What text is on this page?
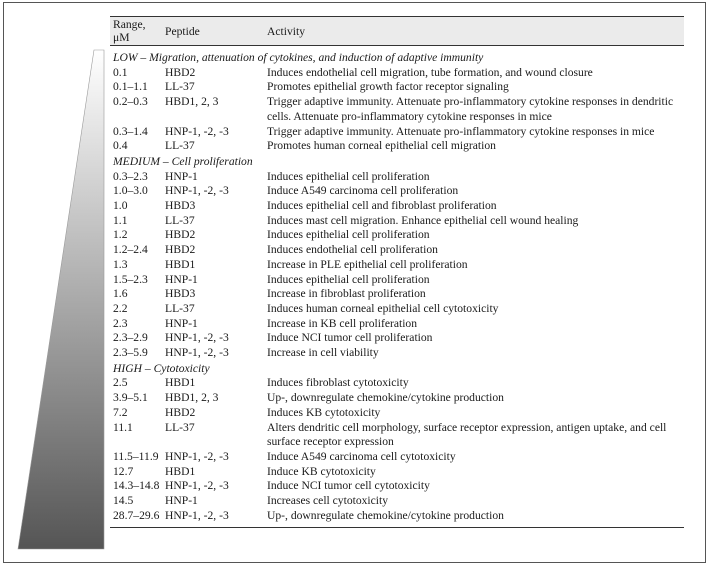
Range, μM	Peptide	Activity
LOW – Migration, attenuation of cytokines, and induction of adaptive immunity		
0.1	HBD2	Induces endothelial cell migration, tube formation, and wound closure
0.1–1.1	LL-37	Promotes epithelial growth factor receptor signaling
0.2–0.3	HBD1, 2, 3	Trigger adaptive immunity. Attenuate pro-inflammatory cytokine responses in dendritic cells. Attenuate pro-inflammatory cytokine responses in mice
0.3–1.4	HNP-1, -2, -3	Trigger adaptive immunity. Attenuate pro-inflammatory cytokine responses in mice
0.4	LL-37	Promotes human corneal epithelial cell migration
MEDIUM – Cell proliferation		
0.3–2.3	HNP-1	Induces epithelial cell proliferation
1.0–3.0	HNP-1, -2, -3	Induce A549 carcinoma cell proliferation
1.0	HBD3	Induces epithelial cell and fibroblast proliferation
1.1	LL-37	Induces mast cell migration. Enhance epithelial cell wound healing
1.2	HBD2	Induces epithelial cell proliferation
1.2–2.4	HBD2	Induces endothelial cell proliferation
1.3	HBD1	Increase in PLE epithelial cell proliferation
1.5–2.3	HNP-1	Induces epithelial cell proliferation
1.6	HBD3	Increase in fibroblast proliferation
2.2	LL-37	Induces human corneal epithelial cell cytotoxicity
2.3	HNP-1	Increase in KB cell proliferation
2.3–2.9	HNP-1, -2, -3	Induce NCI tumor cell proliferation
2.3–5.9	HNP-1, -2, -3	Increase in cell viability
HIGH – Cytotoxicity		
2.5	HBD1	Induces fibroblast cytotoxicity
3.9–5.1	HBD1, 2, 3	Up-, downregulate chemokine/cytokine production
7.2	HBD2	Induces KB cytotoxicity
11.1	LL-37	Alters dendritic cell morphology, surface receptor expression, antigen uptake, and cell surface receptor expression
11.5–11.9	HNP-1, -2, -3	Induce A549 carcinoma cell cytotoxicity
12.7	HBD1	Induce KB cytotoxicity
14.3–14.8	HNP-1, -2, -3	Induce NCI tumor cell cytotoxicity
14.5	HNP-1	Increases cell cytotoxicity
28.7–29.6	HNP-1, -2, -3	Up-, downregulate chemokine/cytokine production
